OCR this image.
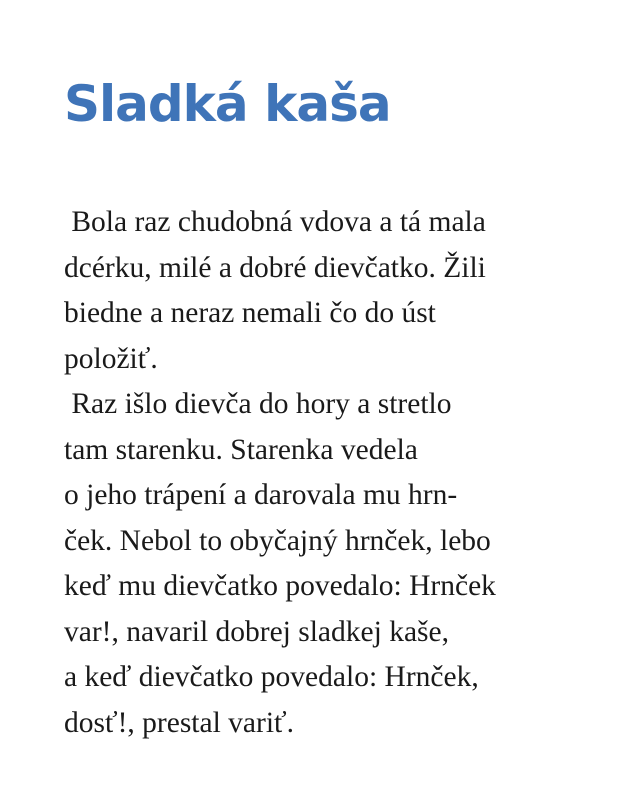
Sladká kaša
Bola raz chudobná vdova a tá mala
dcérku, milé a dobré dievčatko. Žili
biedne a neraz nemali čo do úst
položiť.
Raz išlo dievča do hory a stretlo
tam starenku. Starenka vedela
o jeho trápení a darovala mu hrn-
ček. Nebol to obyčajný hrnček, lebo
keď mu dievčatko povedalo: Hrnček
var!, navaril dobrej sladkej kaše,
a keď dievčatko povedalo: Hrnček,
dosť!, prestal variť.
